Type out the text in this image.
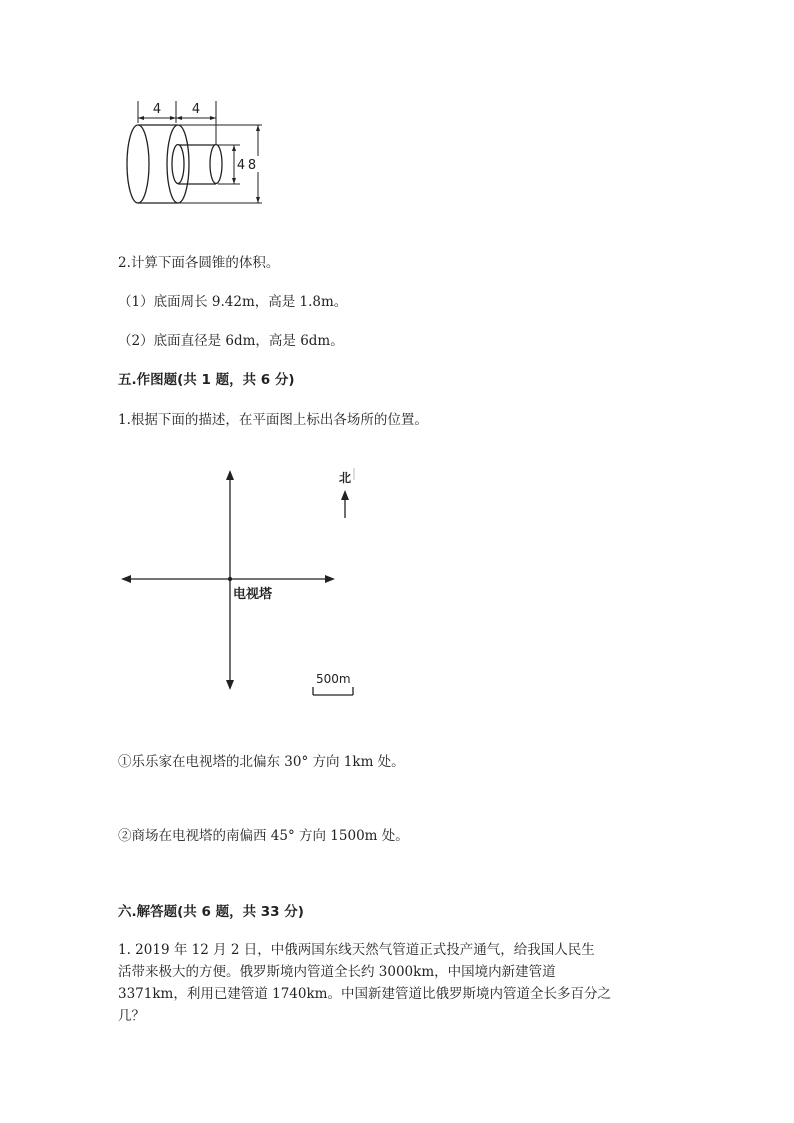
4 4
4 8
2.计算下面各圆锥的体积。
（1）底面周长 9.42m，高是 1.8m。
（2）底面直径是 6dm，高是 6dm。
五.作图题(共 1 题，共 6 分)
1.根据下面的描述，在平面图上标出各场所的位置。
电视塔
北
500m
①乐乐家在电视塔的北偏东 30° 方向 1km 处。
②商场在电视塔的南偏西 45° 方向 1500m 处。
六.解答题(共 6 题，共 33 分)
1. 2019 年 12 月 2 日，中俄两国东线天然气管道正式投产通气，给我国人民生
活带来极大的方便。俄罗斯境内管道全长约 3000km，中国境内新建管道
3371km，利用已建管道 1740km。中国新建管道比俄罗斯境内管道全长多百分之
几？
